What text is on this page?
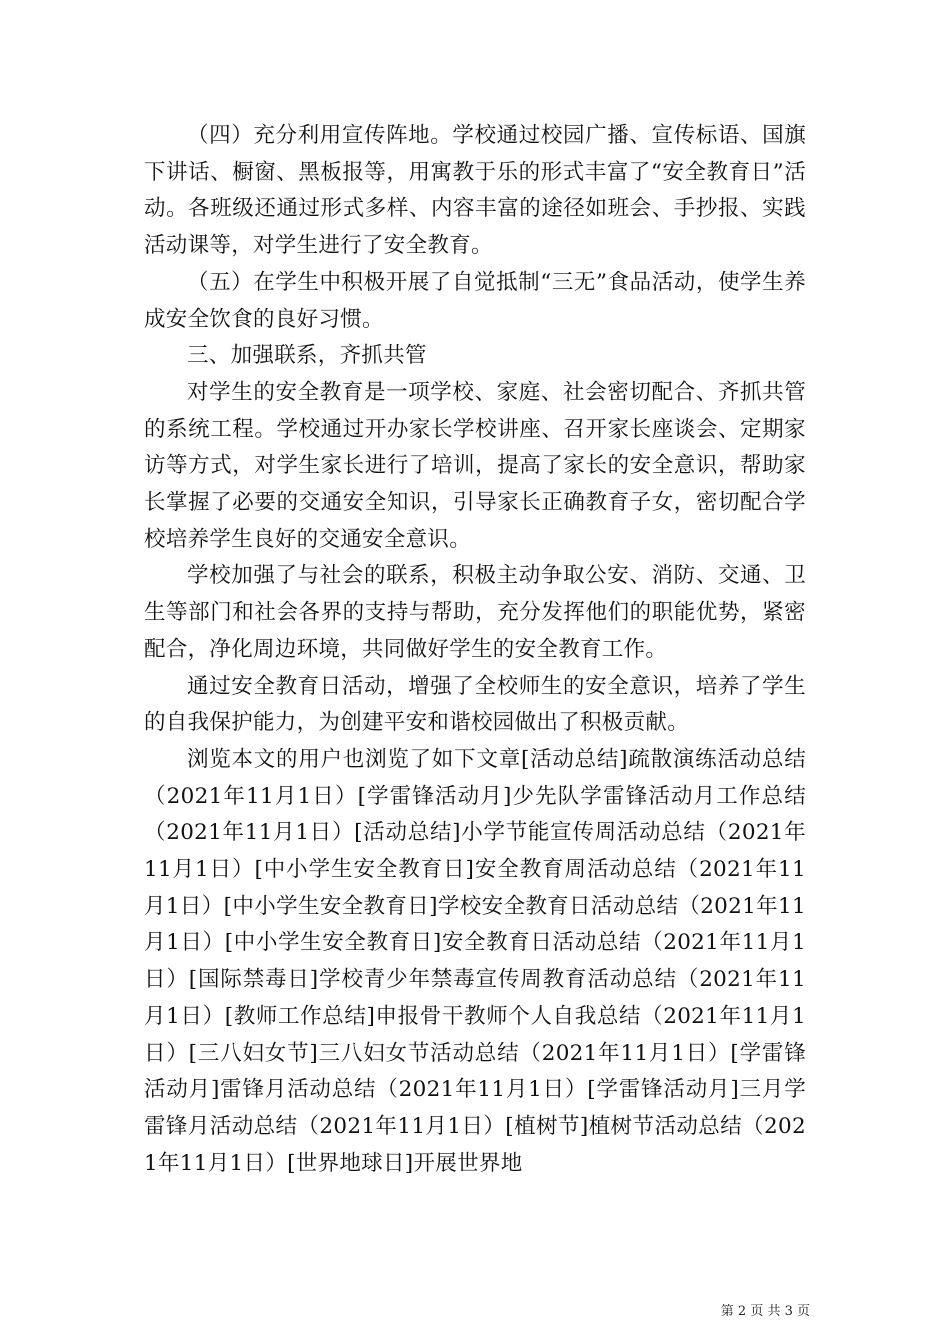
（四）充分利用宣传阵地。学校通过校园广播、宣传标语、国旗下讲话、橱窗、黑板报等，用寓教于乐的形式丰富了“安全教育日”活动。各班级还通过形式多样、内容丰富的途径如班会、手抄报、实践活动课等，对学生进行了安全教育。

（五）在学生中积极开展了自觉抵制“三无”食品活动，使学生养成安全饮食的良好习惯。

三、加强联系，齐抓共管

对学生的安全教育是一项学校、家庭、社会密切配合、齐抓共管的系统工程。学校通过开办家长学校讲座、召开家长座谈会、定期家访等方式，对学生家长进行了培训，提高了家长的安全意识，帮助家长掌握了必要的交通安全知识，引导家长正确教育子女，密切配合学校培养学生良好的交通安全意识。

学校加强了与社会的联系，积极主动争取公安、消防、交通、卫生等部门和社会各界的支持与帮助，充分发挥他们的职能优势，紧密配合，净化周边环境，共同做好学生的安全教育工作。

通过安全教育日活动，增强了全校师生的安全意识，培养了学生的自我保护能力，为创建平安和谐校园做出了积极贡献。

浏览本文的用户也浏览了如下文章[活动总结]疏散演练活动总结（2021年11月1日）[学雷锋活动月]少先队学雷锋活动月工作总结（2021年11月1日）[活动总结]小学节能宣传周活动总结（2021年11月1日）[中小学生安全教育日]安全教育周活动总结（2021年11月1日）[中小学生安全教育日]学校安全教育日活动总结（2021年11月1日）[中小学生安全教育日]安全教育日活动总结（2021年11月1日）[国际禁毒日]学校青少年禁毒宣传周教育活动总结（2021年11月1日）[教师工作总结]申报骨干教师个人自我总结（2021年11月1日）[三八妇女节]三八妇女节活动总结（2021年11月1日）[学雷锋活动月]雷锋月活动总结（2021年11月1日）[学雷锋活动月]三月学雷锋月活动总结（2021年11月1日）[植树节]植树节活动总结（2021年11月1日）[世界地球日]开展世界地

第 2 页 共 3 页
